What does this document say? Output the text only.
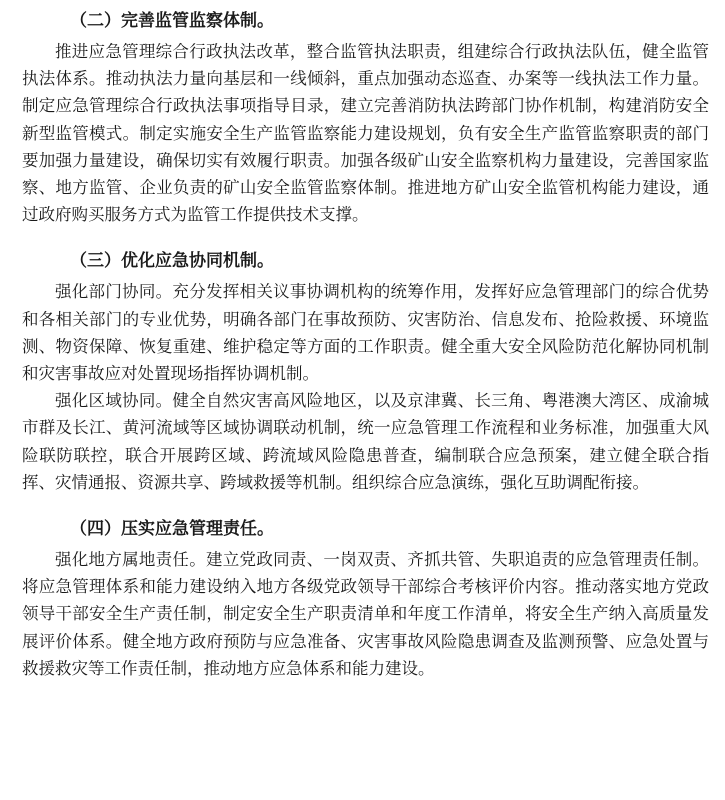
（二）完善监管监察体制。

推进应急管理综合行政执法改革，整合监管执法职责，组建综合行政执法队伍，健全监管执法体系。推动执法力量向基层和一线倾斜，重点加强动态巡查、办案等一线执法工作力量。制定应急管理综合行政执法事项指导目录，建立完善消防执法跨部门协作机制，构建消防安全新型监管模式。制定实施安全生产监管监察能力建设规划，负有安全生产监管监察职责的部门要加强力量建设，确保切实有效履行职责。加强各级矿山安全监察机构力量建设，完善国家监察、地方监管、企业负责的矿山安全监管监察体制。推进地方矿山安全监管机构能力建设，通过政府购买服务方式为监管工作提供技术支撑。

（三）优化应急协同机制。

强化部门协同。充分发挥相关议事协调机构的统筹作用，发挥好应急管理部门的综合优势和各相关部门的专业优势，明确各部门在事故预防、灾害防治、信息发布、抢险救援、环境监测、物资保障、恢复重建、维护稳定等方面的工作职责。健全重大安全风险防范化解协同机制和灾害事故应对处置现场指挥协调机制。

强化区域协同。健全自然灾害高风险地区，以及京津冀、长三角、粤港澳大湾区、成渝城市群及长江、黄河流域等区域协调联动机制，统一应急管理工作流程和业务标准，加强重大风险联防联控，联合开展跨区域、跨流域风险隐患普查，编制联合应急预案，建立健全联合指挥、灾情通报、资源共享、跨域救援等机制。组织综合应急演练，强化互助调配衔接。

（四）压实应急管理责任。

强化地方属地责任。建立党政同责、一岗双责、齐抓共管、失职追责的应急管理责任制。将应急管理体系和能力建设纳入地方各级党政领导干部综合考核评价内容。推动落实地方党政领导干部安全生产责任制，制定安全生产职责清单和年度工作清单，将安全生产纳入高质量发展评价体系。健全地方政府预防与应急准备、灾害事故风险隐患调查及监测预警、应急处置与救援救灾等工作责任制，推动地方应急体系和能力建设。
